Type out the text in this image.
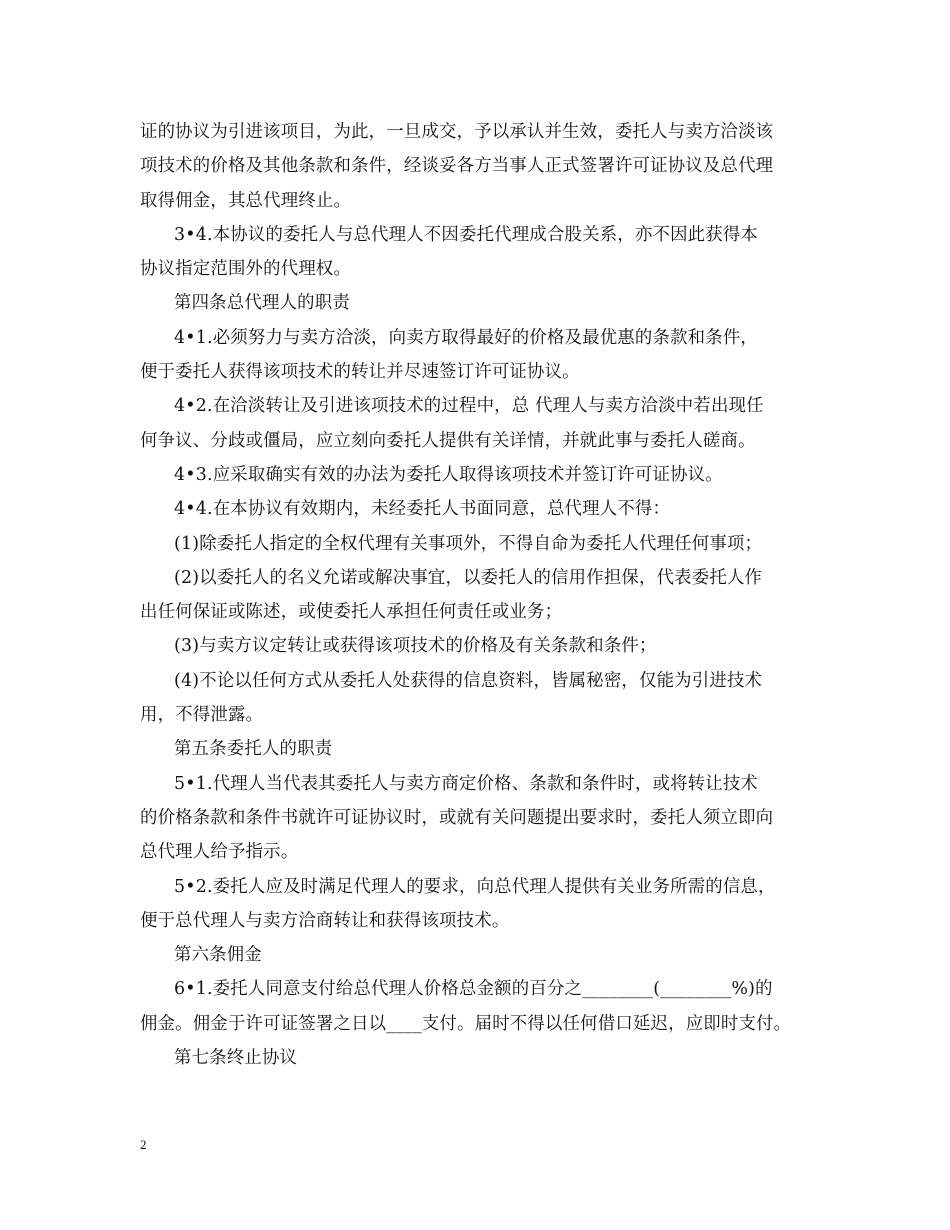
证的协议为引进该项目，为此，一旦成交，予以承认并生效，委托人与卖方洽淡该

项技术的价格及其他条款和条件，经谈妥各方当事人正式签署许可证协议及总代理

取得佣金，其总代理终止。

3•4.本协议的委托人与总代理人不因委托代理成合股关系，亦不因此获得本

协议指定范围外的代理权。

第四条总代理人的职责

4•1.必须努力与卖方洽淡，向卖方取得最好的价格及最优惠的条款和条件，

便于委托人获得该项技术的转让并尽速签订许可证协议。

4•2.在洽淡转让及引进该项技术的过程中，总 代理人与卖方洽淡中若出现任

何争议、分歧或僵局，应立刻向委托人提供有关详情，并就此事与委托人磋商。

4•3.应采取确实有效的办法为委托人取得该项技术并签订许可证协议。

4•4.在本协议有效期内，未经委托人书面同意，总代理人不得：

(1)除委托人指定的全权代理有关事项外，不得自命为委托人代理任何事项；

(2)以委托人的名义允诺或解决事宜，以委托人的信用作担保，代表委托人作

出任何保证或陈述，或使委托人承担任何责任或业务；

(3)与卖方议定转让或获得该项技术的价格及有关条款和条件；

(4)不论以任何方式从委托人处获得的信息资料，皆属秘密，仅能为引进技术

用，不得泄露。

第五条委托人的职责

5•1.代理人当代表其委托人与卖方商定价格、条款和条件时，或将转让技术

的价格条款和条件书就许可证协议时，或就有关问题提出要求时，委托人须立即向

总代理人给予指示。

5•2.委托人应及时满足代理人的要求，向总代理人提供有关业务所需的信息，

便于总代理人与卖方洽商转让和获得该项技术。

第六条佣金

6•1.委托人同意支付给总代理人价格总金额的百分之________(________%)的

佣金。佣金于许可证签署之日以____支付。届时不得以任何借口延迟，应即时支付。

第七条终止协议

2
